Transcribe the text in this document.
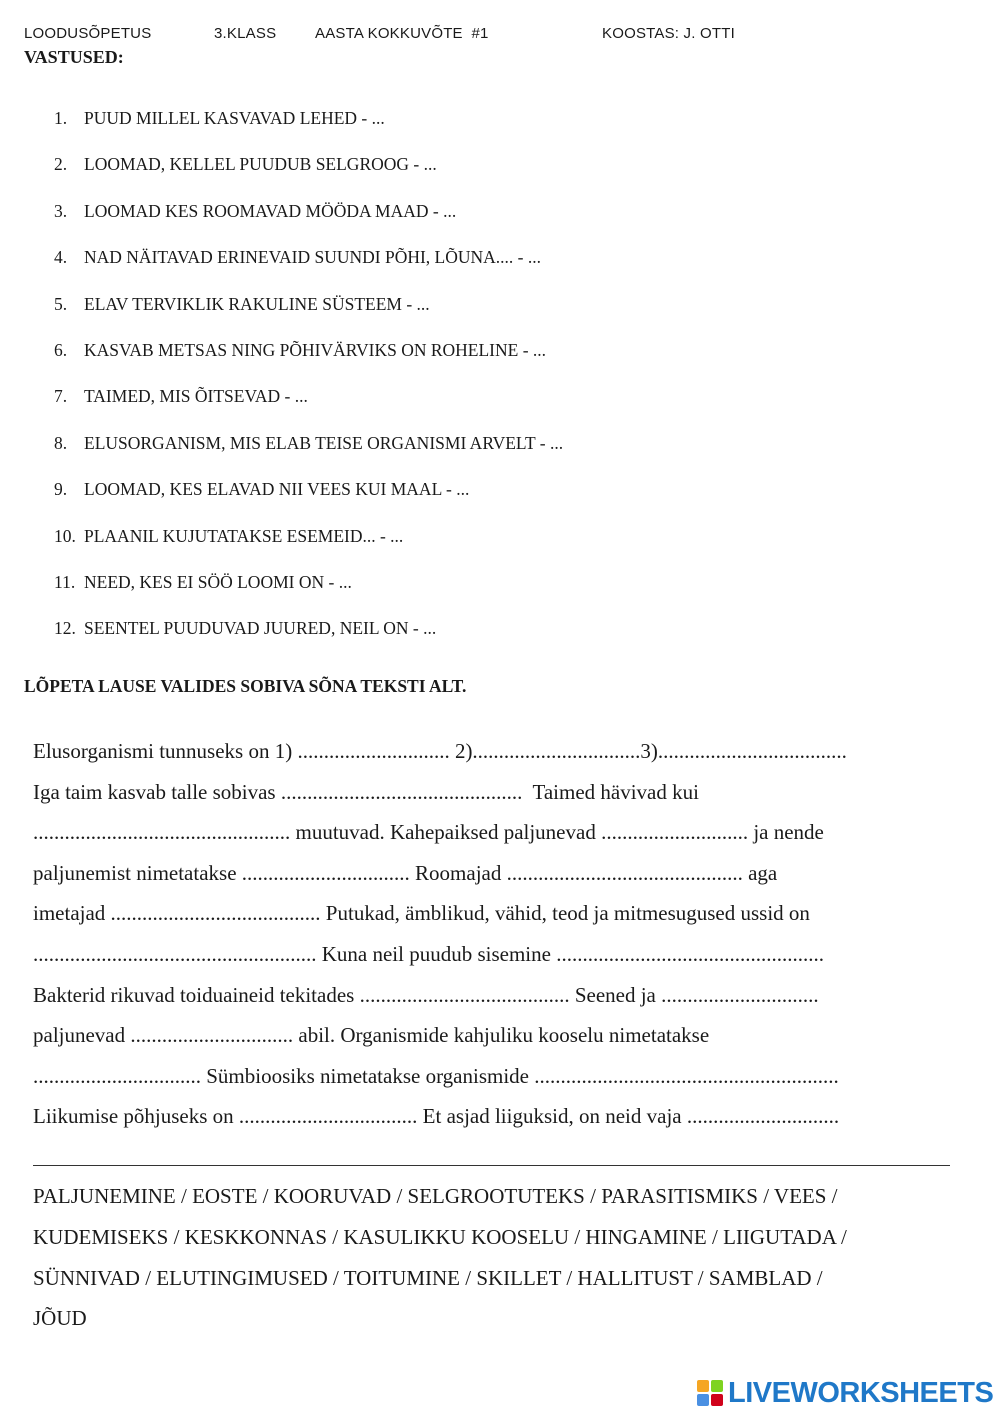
LOODUSÕPETUS	3.KLASS	AASTA KOKKUVÕTE  #1	KOOSTAS: J. OTTI
VASTUSED:
1. PUUD MILLEL KASVAVAD LEHED - ...
2. LOOMAD, KELLEL PUUDUB SELGROOG - ...
3. LOOMAD KES ROOMAVAD MÖÖDA MAAD - ...
4. NAD NÄITAVAD ERINEVAID SUUNDI PÕHI, LÕUNA.... - ...
5. ELAV TERVIKLIK RAKULINE SÜSTEEM - ...
6. KASVAB METSAS NING PÕHIVÄRVIKS ON ROHELINE - ...
7. TAIMED, MIS ÕITSEVAD - ...
8. ELUSORGANISM, MIS ELAB TEISE ORGANISMI ARVELT - ...
9. LOOMAD, KES ELAVAD NII VEES KUI MAAL - ...
10. PLAANIL KUJUTATAKSE ESEMEID... - ...
11. NEED, KES EI SÖÖ LOOMI ON - ...
12. SEENTEL PUUDUVAD JUURED, NEIL ON - ...
LÕPETA LAUSE VALIDES SOBIVA SÕNA TEKSTI ALT.
Elusorganismi tunnuseks on 1) ............................. 2)................................3)....................................
Iga taim kasvab talle sobivas ..............................................  Taimed hävivad kui
................................................. muutuvad. Kahepaiksed paljunevad ............................ ja nende
paljunemist nimetatakse ................................ Roomajad ............................................. aga
imetajad ........................................ Putukad, ämblikud, vähid, teod ja mitmesugused ussid on
...................................................... Kuna neil puudub sisemine ...................................................
Bakterid rikuvad toiduaineid tekitades ........................................ Seened ja ..............................
paljunevad ............................... abil. Organismide kahjuliku kooselu nimetatakse
................................ Sümbioosiks nimetatakse organismide ..........................................................
Liikumise põhjuseks on .................................. Et asjad liiguksid, on neid vaja .............................
PALJUNEMINE / EOSTE / KOORUVAD / SELGROOTUTEKS / PARASITISMIKS / VEES /
KUDEMISEKS / KESKKONNAS / KASULIKKU KOOSELU / HINGAMINE / LIIGUTADA /
SÜNNIVAD / ELUTINGIMUSED / TOITUMINE / SKILLET / HALLITUST / SAMBLAD /
JÕUD
LIVEWORKSHEETS
